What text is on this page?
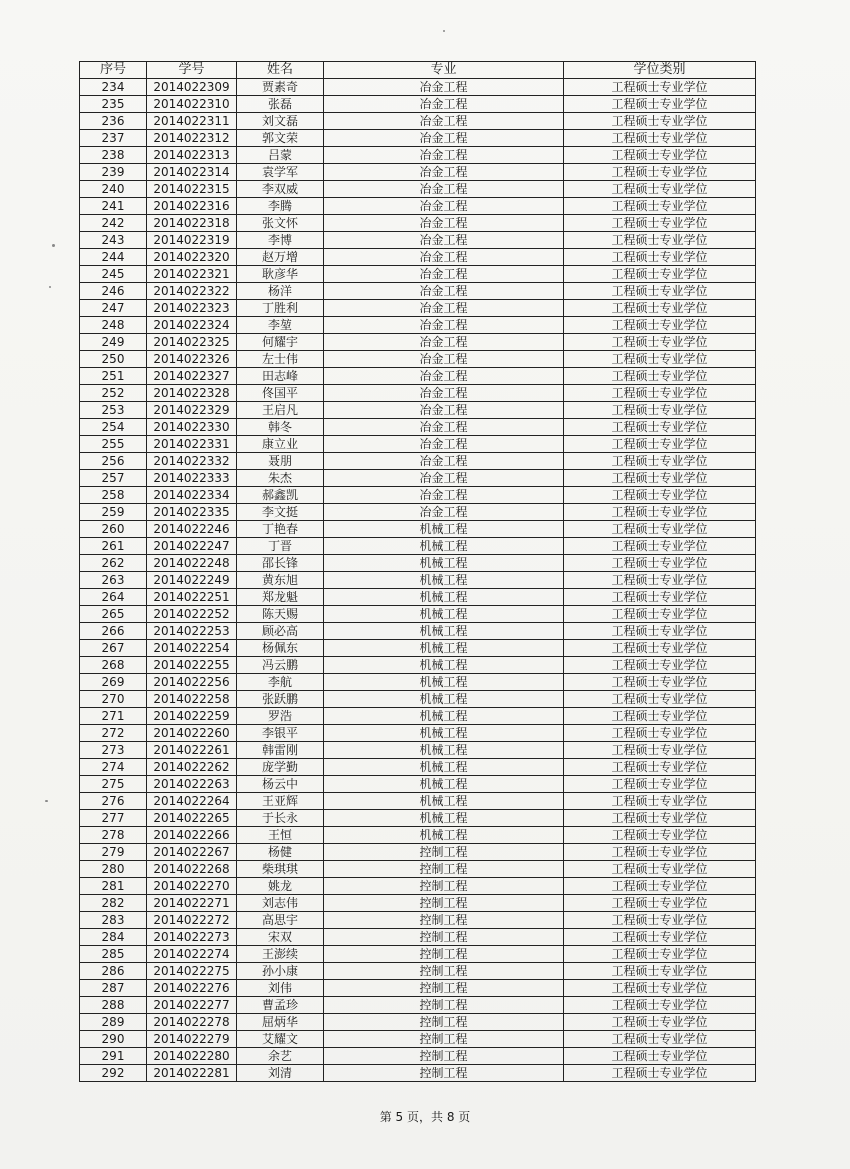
序号	学号	姓名	专业	学位类别
234	2014022309	贾素奇	冶金工程	工程硕士专业学位
235	2014022310	张磊	冶金工程	工程硕士专业学位
236	2014022311	刘文磊	冶金工程	工程硕士专业学位
237	2014022312	郭文荣	冶金工程	工程硕士专业学位
238	2014022313	吕蒙	冶金工程	工程硕士专业学位
239	2014022314	袁学军	冶金工程	工程硕士专业学位
240	2014022315	李双威	冶金工程	工程硕士专业学位
241	2014022316	李腾	冶金工程	工程硕士专业学位
242	2014022318	张文怀	冶金工程	工程硕士专业学位
243	2014022319	李博	冶金工程	工程硕士专业学位
244	2014022320	赵万增	冶金工程	工程硕士专业学位
245	2014022321	耿彦华	冶金工程	工程硕士专业学位
246	2014022322	杨洋	冶金工程	工程硕士专业学位
247	2014022323	丁胜利	冶金工程	工程硕士专业学位
248	2014022324	李堃	冶金工程	工程硕士专业学位
249	2014022325	何耀宇	冶金工程	工程硕士专业学位
250	2014022326	左士伟	冶金工程	工程硕士专业学位
251	2014022327	田志峰	冶金工程	工程硕士专业学位
252	2014022328	佟国平	冶金工程	工程硕士专业学位
253	2014022329	王启凡	冶金工程	工程硕士专业学位
254	2014022330	韩冬	冶金工程	工程硕士专业学位
255	2014022331	康立业	冶金工程	工程硕士专业学位
256	2014022332	聂朋	冶金工程	工程硕士专业学位
257	2014022333	朱杰	冶金工程	工程硕士专业学位
258	2014022334	郝鑫凯	冶金工程	工程硕士专业学位
259	2014022335	李文挺	冶金工程	工程硕士专业学位
260	2014022246	丁艳春	机械工程	工程硕士专业学位
261	2014022247	丁晋	机械工程	工程硕士专业学位
262	2014022248	邵长锋	机械工程	工程硕士专业学位
263	2014022249	黄东旭	机械工程	工程硕士专业学位
264	2014022251	郑龙魁	机械工程	工程硕士专业学位
265	2014022252	陈天赐	机械工程	工程硕士专业学位
266	2014022253	顾必高	机械工程	工程硕士专业学位
267	2014022254	杨佩东	机械工程	工程硕士专业学位
268	2014022255	冯云鹏	机械工程	工程硕士专业学位
269	2014022256	李航	机械工程	工程硕士专业学位
270	2014022258	张跃鹏	机械工程	工程硕士专业学位
271	2014022259	罗浩	机械工程	工程硕士专业学位
272	2014022260	李银平	机械工程	工程硕士专业学位
273	2014022261	韩雷刚	机械工程	工程硕士专业学位
274	2014022262	庞学勤	机械工程	工程硕士专业学位
275	2014022263	杨云中	机械工程	工程硕士专业学位
276	2014022264	王亚辉	机械工程	工程硕士专业学位
277	2014022265	于长永	机械工程	工程硕士专业学位
278	2014022266	王恒	机械工程	工程硕士专业学位
279	2014022267	杨健	控制工程	工程硕士专业学位
280	2014022268	柴琪琪	控制工程	工程硕士专业学位
281	2014022270	姚龙	控制工程	工程硕士专业学位
282	2014022271	刘志伟	控制工程	工程硕士专业学位
283	2014022272	高思宇	控制工程	工程硕士专业学位
284	2014022273	宋双	控制工程	工程硕士专业学位
285	2014022274	王澎续	控制工程	工程硕士专业学位
286	2014022275	孙小康	控制工程	工程硕士专业学位
287	2014022276	刘伟	控制工程	工程硕士专业学位
288	2014022277	曹孟珍	控制工程	工程硕士专业学位
289	2014022278	屈炳华	控制工程	工程硕士专业学位
290	2014022279	艾耀文	控制工程	工程硕士专业学位
291	2014022280	余艺	控制工程	工程硕士专业学位
292	2014022281	刘清	控制工程	工程硕士专业学位
第 5 页，共 8 页
